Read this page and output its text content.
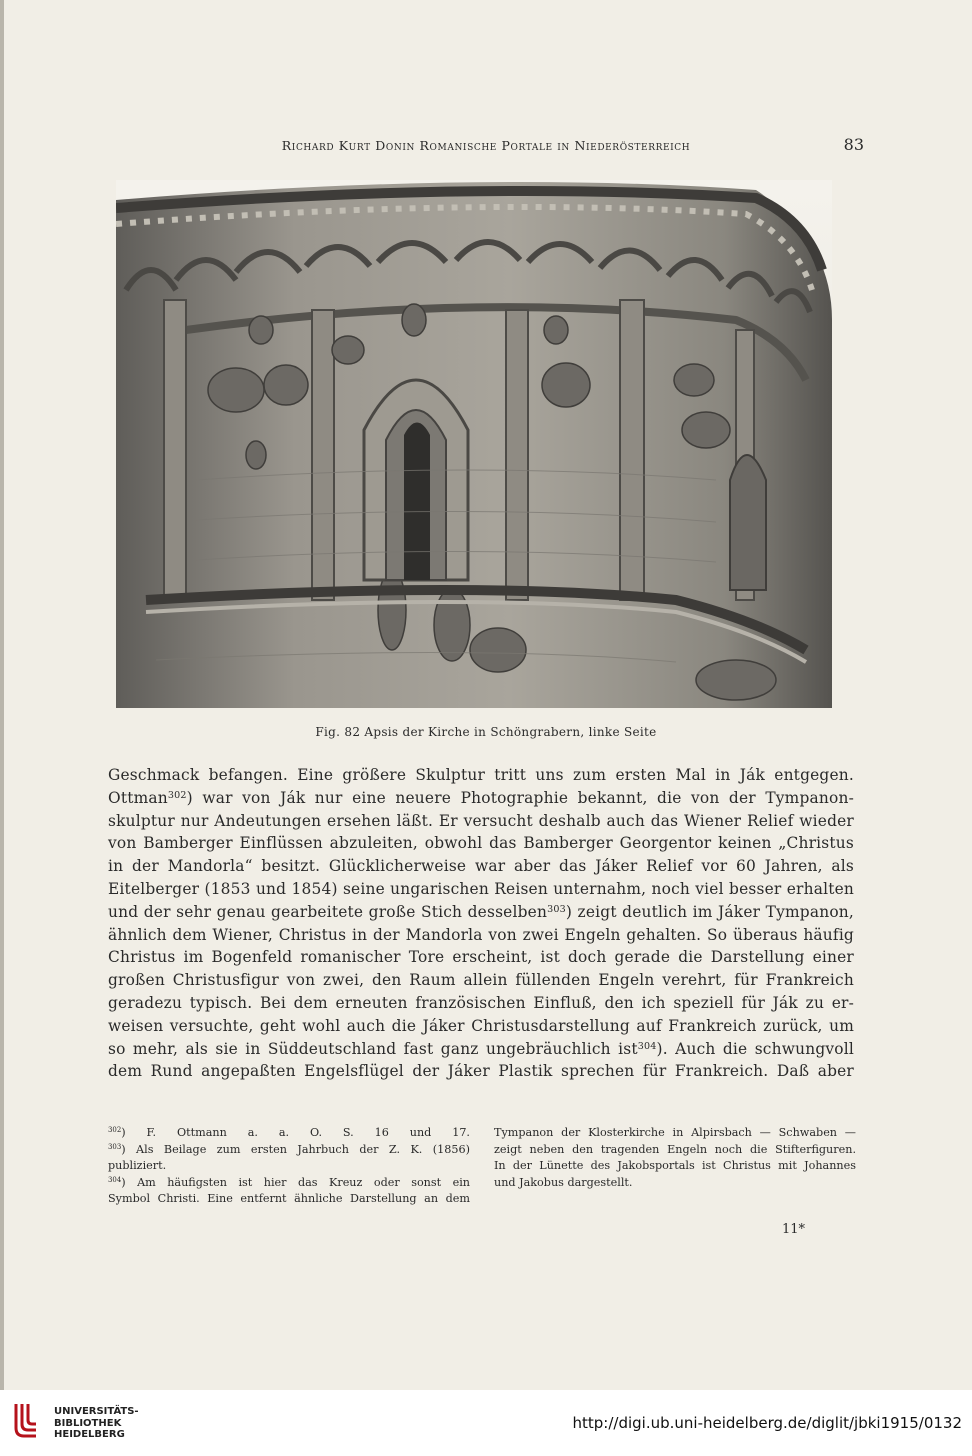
Richard Kurt Donin Romanische Portale in Niederösterreich	83
Fig. 82 Apsis der Kirche in Schöngrabern, linke Seite
Geschmack befangen. Eine größere Skulptur tritt uns zum ersten Mal in Ják entgegen.
Ottman$^{302}$) war von Ják nur eine neuere Photographie bekannt, die von der Tympanon-
skulptur nur Andeutungen ersehen läßt. Er versucht deshalb auch das Wiener Relief wieder
von Bamberger Einflüssen abzuleiten, obwohl das Bamberger Georgentor keinen „Christus
in der Mandorla“ besitzt. Glücklicherweise war aber das Jáker Relief vor 60 Jahren, als
Eitelberger (1853 und 1854) seine ungarischen Reisen unternahm, noch viel besser erhalten
und der sehr genau gearbeitete große Stich desselben$^{303}$) zeigt deutlich im Jáker Tympanon,
ähnlich dem Wiener, Christus in der Mandorla von zwei Engeln gehalten. So überaus häufig
Christus im Bogenfeld romanischer Tore erscheint, ist doch gerade die Darstellung einer
großen Christusfigur von zwei, den Raum allein füllenden Engeln verehrt, für Frankreich
geradezu typisch. Bei dem erneuten französischen Einfluß, den ich speziell für Ják zu er-
weisen versuchte, geht wohl auch die Jáker Christusdarstellung auf Frankreich zurück, um
so mehr, als sie in Süddeutschland fast ganz ungebräuchlich ist$^{304}$). Auch die schwungvoll
dem Rund angepaßten Engelsflügel der Jáker Plastik sprechen für Frankreich. Daß aber
$^{302}$) F. Ottmann a. a. O. S. 16 und 17.
$^{303}$) Als Beilage zum ersten Jahrbuch der Z. K. (1856)
publiziert.
$^{304}$) Am häufigsten ist hier das Kreuz oder sonst ein
Symbol Christi. Eine entfernt ähnliche Darstellung an dem
Tympanon der Klosterkirche in Alpirsbach — Schwaben —
zeigt neben den tragenden Engeln noch die Stifterfiguren.
In der Lünette des Jakobsportals ist Christus mit Johannes
und Jakobus dargestellt.
11*
UNIVERSITÄTS-
BIBLIOTHEK
HEIDELBERG
http://digi.ub.uni-heidelberg.de/diglit/jbki1915/0132
